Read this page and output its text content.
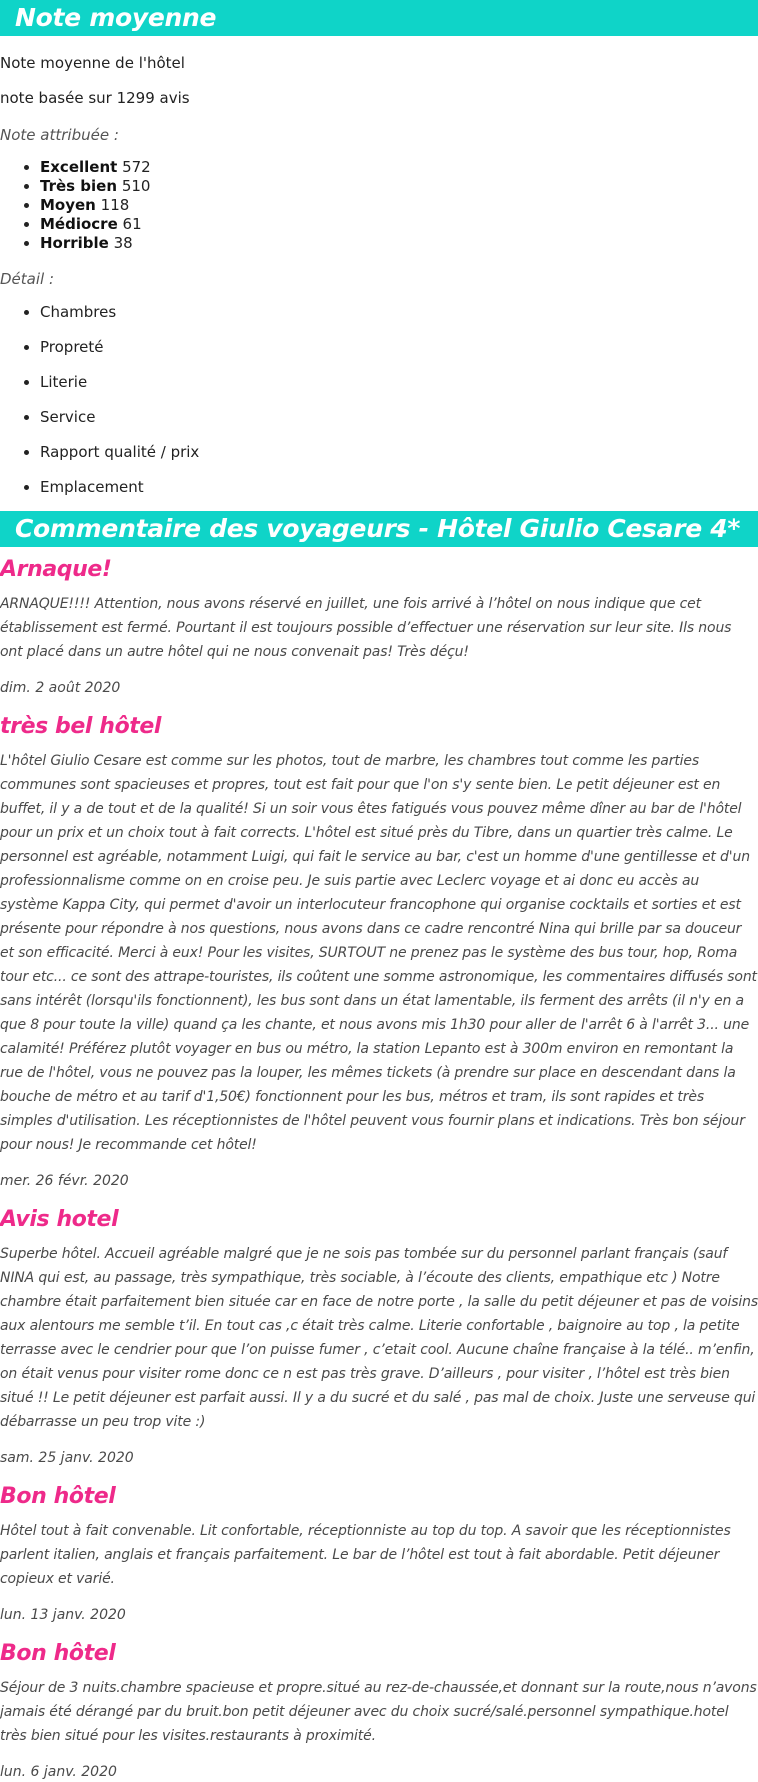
Note moyenne

Note moyenne de l'hôtel

note basée sur 1299 avis

Note attribuée :

• Excellent 572
• Très bien 510
• Moyen 118
• Médiocre 61
• Horrible 38

Détail :

• Chambres
• Propreté
• Literie
• Service
• Rapport qualité / prix
• Emplacement
Commentaire des voyageurs - Hôtel Giulio Cesare 4*
Arnaque!

ARNAQUE!!!! Attention, nous avons réservé en juillet, une fois arrivé à l’hôtel on nous indique que cet établissement est fermé. Pourtant il est toujours possible d’effectuer une réservation sur leur site. Ils nous ont placé dans un autre hôtel qui ne nous convenait pas! Très déçu!

dim. 2 août 2020

très bel hôtel

L'hôtel Giulio Cesare est comme sur les photos, tout de marbre, les chambres tout comme les parties communes sont spacieuses et propres, tout est fait pour que l'on s'y sente bien. Le petit déjeuner est en buffet, il y a de tout et de la qualité! Si un soir vous êtes fatigués vous pouvez même dîner au bar de l'hôtel pour un prix et un choix tout à fait corrects. L'hôtel est situé près du Tibre, dans un quartier très calme. Le personnel est agréable, notamment Luigi, qui fait le service au bar, c'est un homme d'une gentillesse et d'un professionnalisme comme on en croise peu. Je suis partie avec Leclerc voyage et ai donc eu accès au système Kappa City, qui permet d'avoir un interlocuteur francophone qui organise cocktails et sorties et est présente pour répondre à nos questions, nous avons dans ce cadre rencontré Nina qui brille par sa douceur et son efficacité. Merci à eux! Pour les visites, SURTOUT ne prenez pas le système des bus tour, hop, Roma tour etc... ce sont des attrape-touristes, ils coûtent une somme astronomique, les commentaires diffusés sont sans intérêt (lorsqu'ils fonctionnent), les bus sont dans un état lamentable, ils ferment des arrêts (il n'y en a que 8 pour toute la ville) quand ça les chante, et nous avons mis 1h30 pour aller de l'arrêt 6 à l'arrêt 3... une calamité! Préférez plutôt voyager en bus ou métro, la station Lepanto est à 300m environ en remontant la rue de l'hôtel, vous ne pouvez pas la louper, les mêmes tickets (à prendre sur place en descendant dans la bouche de métro et au tarif d'1,50€) fonctionnent pour les bus, métros et tram, ils sont rapides et très simples d'utilisation. Les réceptionnistes de l'hôtel peuvent vous fournir plans et indications. Très bon séjour pour nous! Je recommande cet hôtel!

mer. 26 févr. 2020

Avis hotel

Superbe hôtel. Accueil agréable malgré que je ne sois pas tombée sur du personnel parlant français (sauf NINA qui est, au passage, très sympathique, très sociable, à l’écoute des clients, empathique etc ) Notre chambre était parfaitement bien située car en face de notre porte , la salle du petit déjeuner et pas de voisins aux alentours me semble t’il. En tout cas ,c était très calme. Literie confortable , baignoire au top , la petite terrasse avec le cendrier pour que l’on puisse fumer , c’etait cool. Aucune chaîne française à la télé.. m’enfin, on était venus pour visiter rome donc ce n est pas très grave. D’ailleurs , pour visiter , l’hôtel est très bien situé !! Le petit déjeuner est parfait aussi. Il y a du sucré et du salé , pas mal de choix. Juste une serveuse qui débarrasse un peu trop vite :)

sam. 25 janv. 2020

Bon hôtel

Hôtel tout à fait convenable. Lit confortable, réceptionniste au top du top. A savoir que les réceptionnistes parlent italien, anglais et français parfaitement. Le bar de l’hôtel est tout à fait abordable. Petit déjeuner copieux et varié.

lun. 13 janv. 2020

Bon hôtel

Séjour de 3 nuits.chambre spacieuse et propre.situé au rez-de-chaussée,et donnant sur la route,nous n’avons jamais été dérangé par du bruit.bon petit déjeuner avec du choix sucré/salé.personnel sympathique.hotel très bien situé pour les visites.restaurants à proximité.

lun. 6 janv. 2020
